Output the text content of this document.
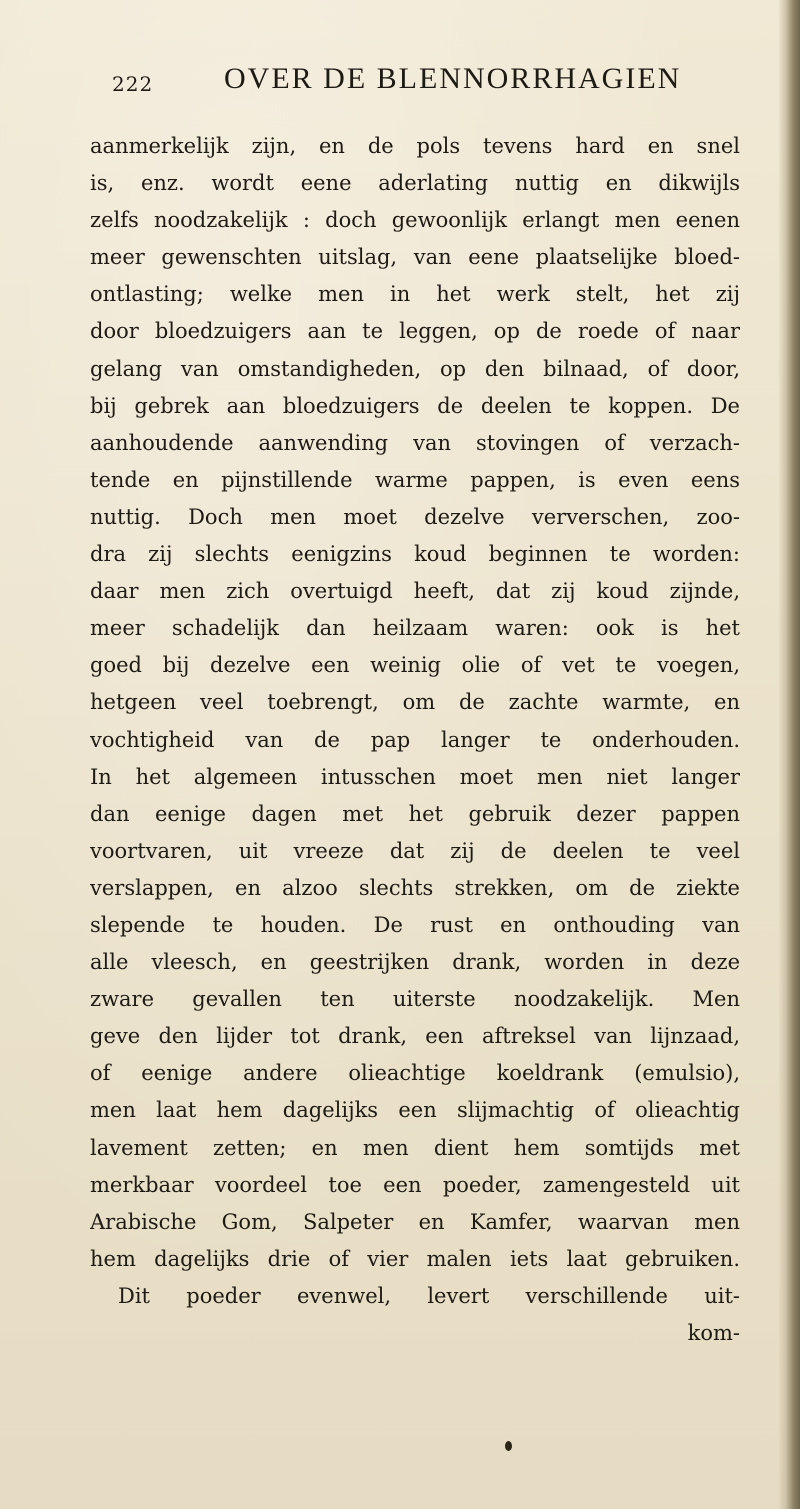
222 OVER DE BLENNORRHAGIEN
aanmerkelijk zijn, en de pols tevens hard en snel
is, enz. wordt eene aderlating nuttig en dikwijls
zelfs noodzakelijk : doch gewoonlijk erlangt men eenen
meer gewenschten uitslag, van eene plaatselijke bloed-
ontlasting; welke men in het werk stelt, het zij
door bloedzuigers aan te leggen, op de roede of naar
gelang van omstandigheden, op den bilnaad, of door,
bij gebrek aan bloedzuigers de deelen te koppen. De
aanhoudende aanwending van stovingen of verzach-
tende en pijnstillende warme pappen, is even eens
nuttig. Doch men moet dezelve ververschen, zoo-
dra zij slechts eenigzins koud beginnen te worden:
daar men zich overtuigd heeft, dat zij koud zijnde,
meer schadelijk dan heilzaam waren: ook is het
goed bij dezelve een weinig olie of vet te voegen,
hetgeen veel toebrengt, om de zachte warmte, en
vochtigheid van de pap langer te onderhouden.
In het algemeen intusschen moet men niet langer
dan eenige dagen met het gebruik dezer pappen
voortvaren, uit vreeze dat zij de deelen te veel
verslappen, en alzoo slechts strekken, om de ziekte
slepende te houden. De rust en onthouding van
alle vleesch, en geestrijken drank, worden in deze
zware gevallen ten uiterste noodzakelijk. Men
geve den lijder tot drank, een aftreksel van lijnzaad,
of eenige andere olieachtige koeldrank (emulsio),
men laat hem dagelijks een slijmachtig of olieachtig
lavement zetten; en men dient hem somtijds met
merkbaar voordeel toe een poeder, zamengesteld uit
Arabische Gom, Salpeter en Kamfer, waarvan men
hem dagelijks drie of vier malen iets laat gebruiken.
Dit poeder evenwel, levert verschillende uit-
kom-
